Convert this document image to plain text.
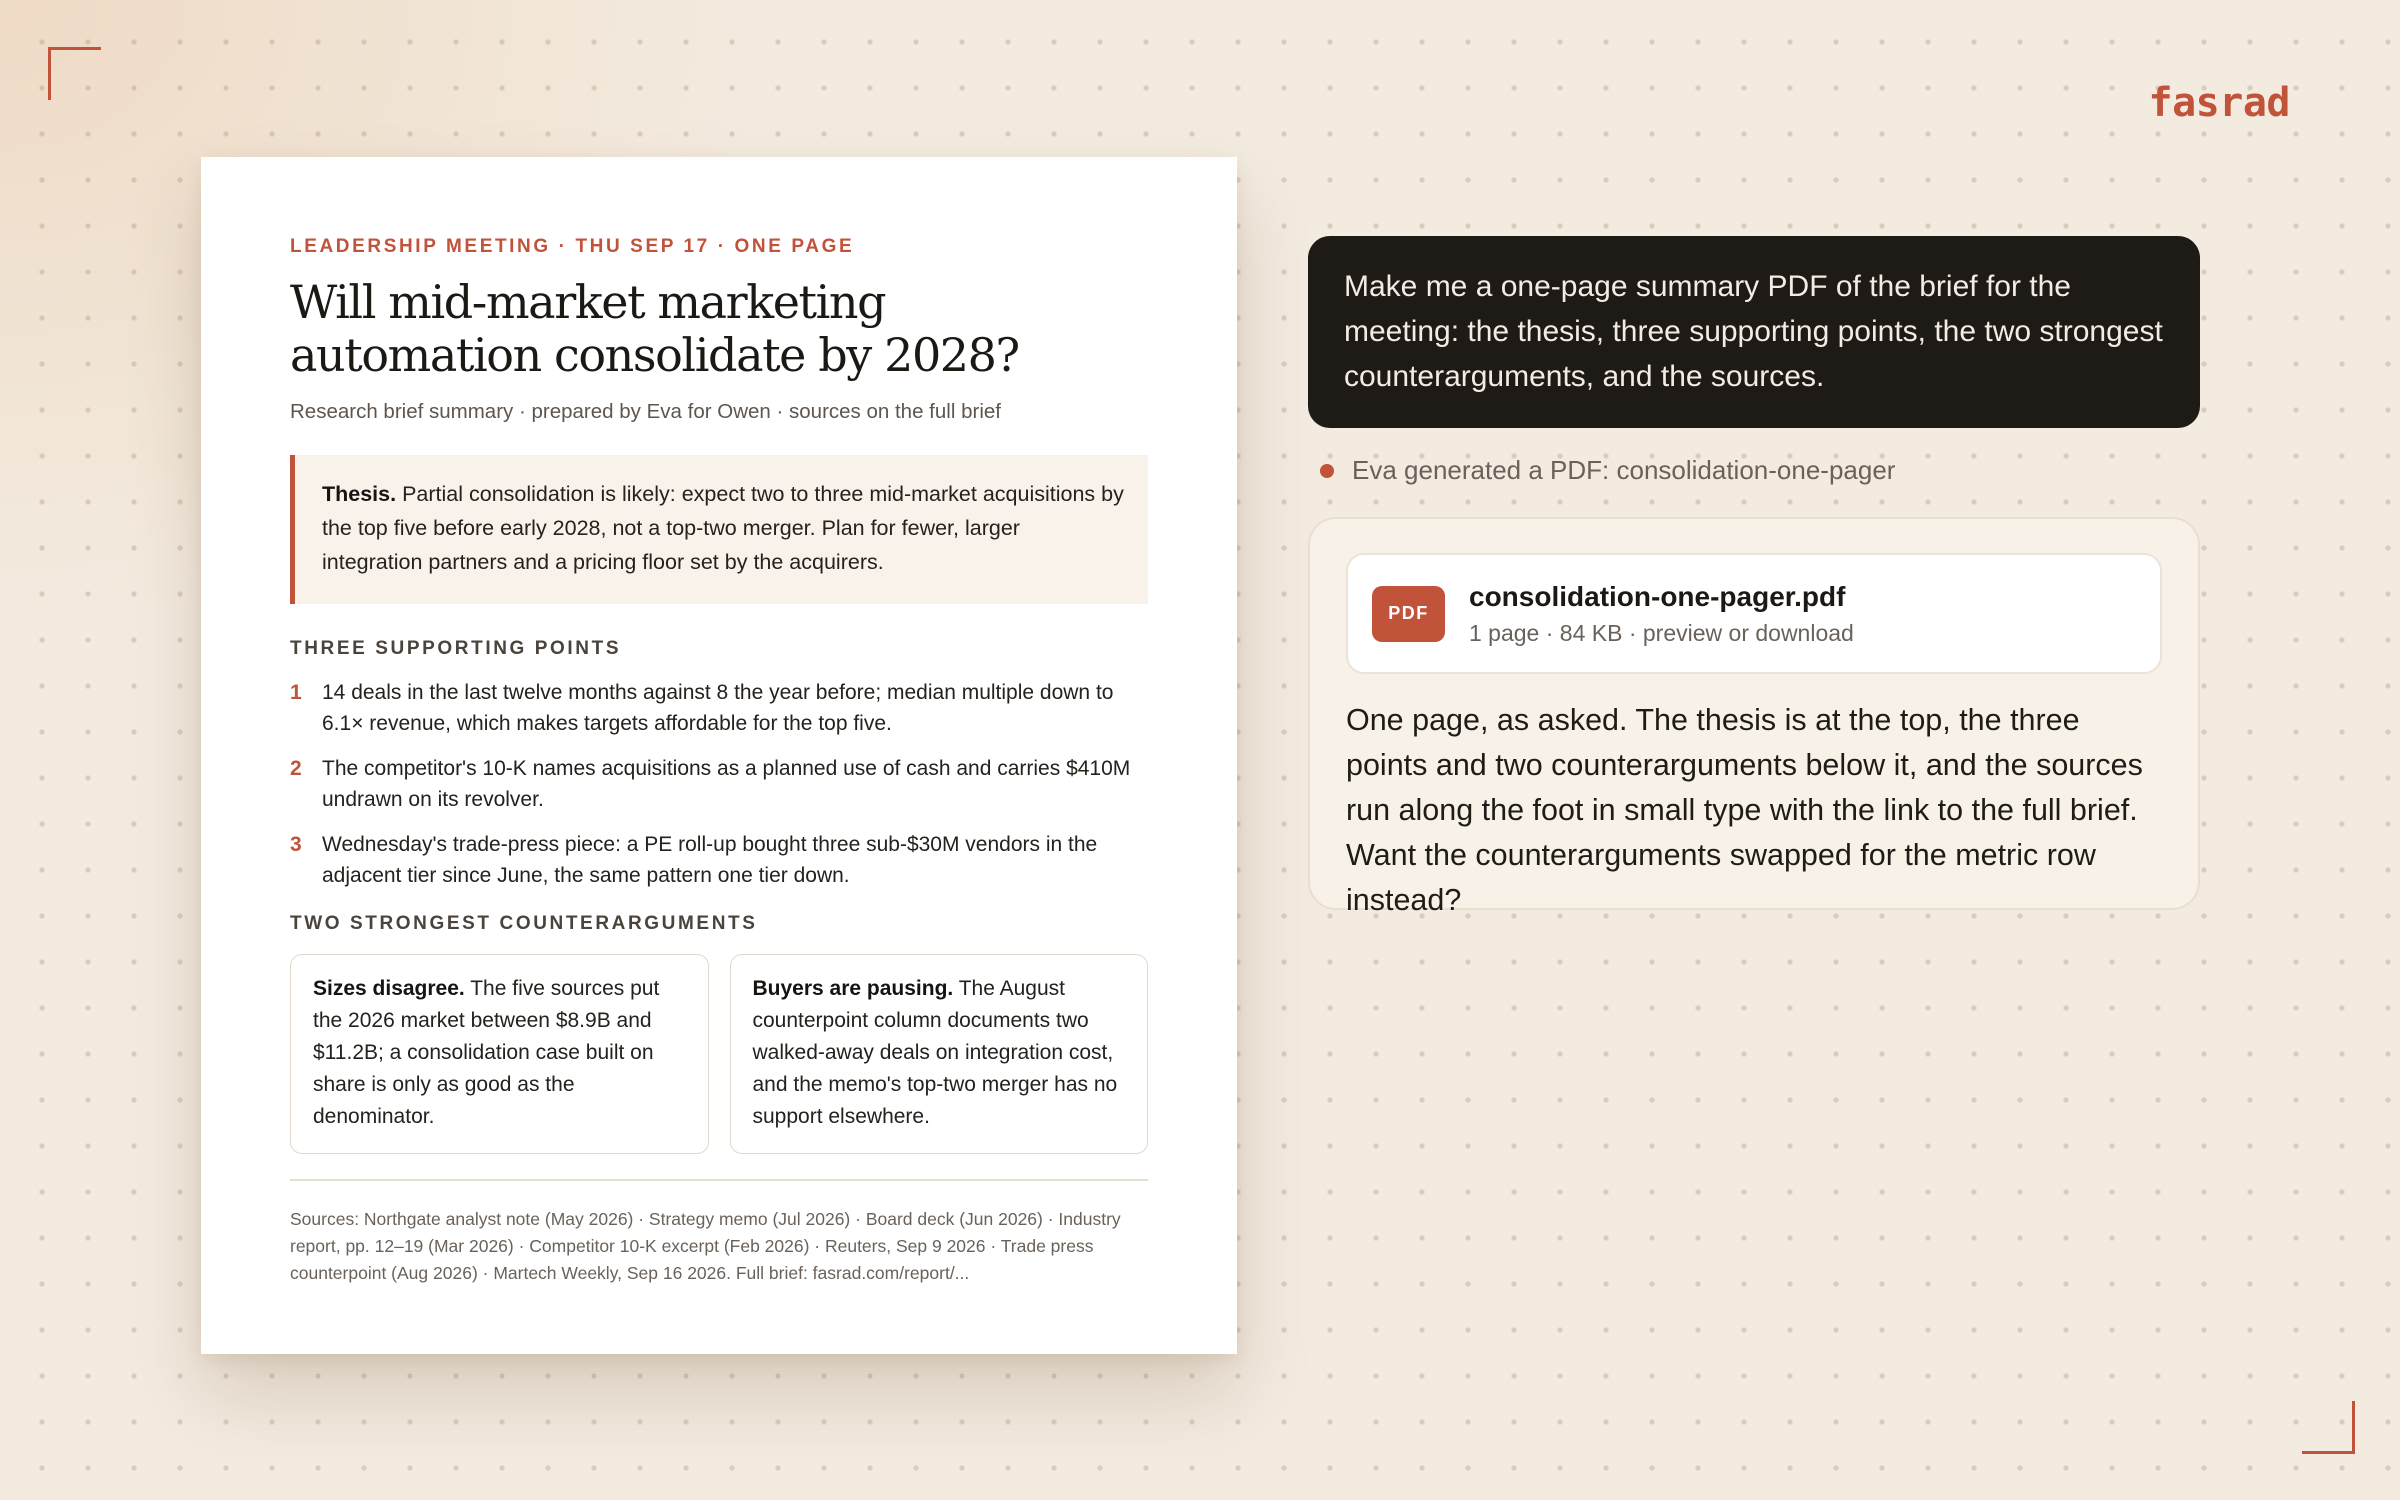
fasrad

LEADERSHIP MEETING · THU SEP 17 · ONE PAGE

Will mid-market marketing automation consolidate by 2028?

Research brief summary · prepared by Eva for Owen · sources on the full brief

Thesis. Partial consolidation is likely: expect two to three mid-market acquisitions by the top five before early 2028, not a top-two merger. Plan for fewer, larger integration partners and a pricing floor set by the acquirers.

THREE SUPPORTING POINTS

1 14 deals in the last twelve months against 8 the year before; median multiple down to 6.1× revenue, which makes targets affordable for the top five.
2 The competitor's 10-K names acquisitions as a planned use of cash and carries $410M undrawn on its revolver.
3 Wednesday's trade-press piece: a PE roll-up bought three sub-$30M vendors in the adjacent tier since June, the same pattern one tier down.

TWO STRONGEST COUNTERARGUMENTS

Sizes disagree. The five sources put the 2026 market between $8.9B and $11.2B; a consolidation case built on share is only as good as the denominator.
Buyers are pausing. The August counterpoint column documents two walked-away deals on integration cost, and the memo's top-two merger has no support elsewhere.

Sources: Northgate analyst note (May 2026) · Strategy memo (Jul 2026) · Board deck (Jun 2026) · Industry report, pp. 12–19 (Mar 2026) · Competitor 10-K excerpt (Feb 2026) · Reuters, Sep 9 2026 · Trade press counterpoint (Aug 2026) · Martech Weekly, Sep 16 2026. Full brief: fasrad.com/report/...

Make me a one-page summary PDF of the brief for the meeting: the thesis, three supporting points, the two strongest counterarguments, and the sources.
Eva generated a PDF: consolidation-one-pager
PDF
consolidation-one-pager.pdf
1 page · 84 KB · preview or download

One page, as asked. The thesis is at the top, the three points and two counterarguments below it, and the sources run along the foot in small type with the link to the full brief. Want the counterarguments swapped for the metric row instead?
